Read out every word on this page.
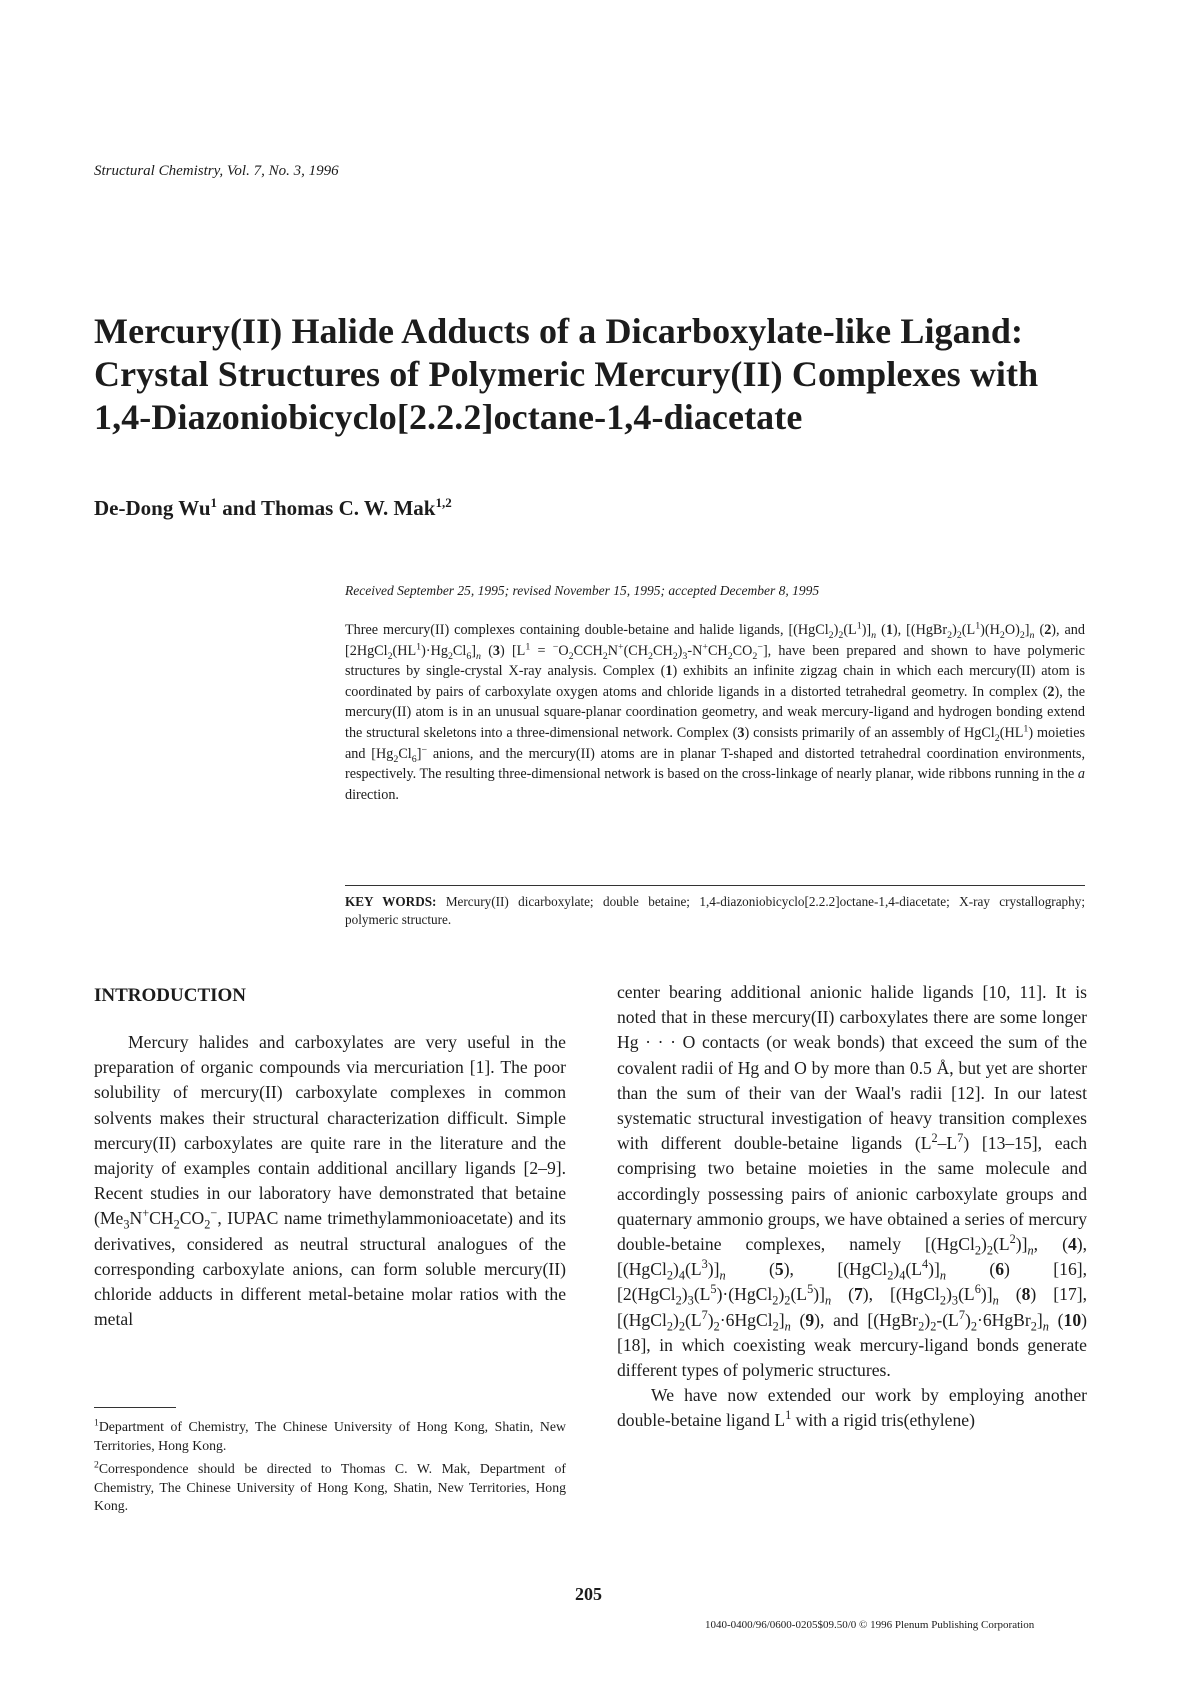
Structural Chemistry, Vol. 7, No. 3, 1996
Mercury(II) Halide Adducts of a Dicarboxylate-like Ligand:
Crystal Structures of Polymeric Mercury(II) Complexes with
1,4-Diazoniobicyclo[2.2.2]octane-1,4-diacetate
De-Dong Wu$^1$ and Thomas C. W. Mak$^{1,2}$
Received September 25, 1995; revised November 15, 1995; accepted December 8, 1995
Three mercury(II) complexes containing double-betaine and halide ligands, $[(HgCl_2)_2(L^1)]_n$ (1), $[(HgBr_2)_2(L^1)(H_2O)_2]_n$ (2), and $[2HgCl_2(HL^1)\cdot Hg_2Cl_6]_n$ (3) $[L^1 = ^-O_2CCH_2N^+(CH_2CH_2)_3-N^+CH_2CO_2^-]$, have been prepared and shown to have polymeric structures by single-crystal X-ray analysis. Complex (1) exhibits an infinite zigzag chain in which each mercury(II) atom is coordinated by pairs of carboxylate oxygen atoms and chloride ligands in a distorted tetrahedral geometry. In complex (2), the mercury(II) atom is in an unusual square-planar coordination geometry, and weak mercury-ligand and hydrogen bonding extend the structural skeletons into a three-dimensional network. Complex (3) consists primarily of an assembly of $HgCl_2(HL^1)$ moieties and $[Hg_2Cl_6]^-$ anions, and the mercury(II) atoms are in planar T-shaped and distorted tetrahedral coordination environments, respectively. The resulting three-dimensional network is based on the cross-linkage of nearly planar, wide ribbons running in the a direction.
KEY WORDS: Mercury(II) dicarboxylate; double betaine; 1,4-diazoniobicyclo[2.2.2]octane-1,4-diacetate; X-ray crystallography; polymeric structure.
INTRODUCTION

Mercury halides and carboxylates are very useful in the preparation of organic compounds via mercuriation [1]. The poor solubility of mercury(II) carboxylate complexes in common solvents makes their structural characterization difficult. Simple mercury(II) carboxylates are quite rare in the literature and the majority of examples contain additional ancillary ligands [2–9]. Recent studies in our laboratory have demonstrated that betaine ($Me_3N^+CH_2CO_2^-$, IUPAC name trimethylammonioacetate) and its derivatives, considered as neutral structural analogues of the corresponding carboxylate anions, can form soluble mercury(II) chloride adducts in different metal-betaine molar ratios with the metal

center bearing additional anionic halide ligands [10, 11]. It is noted that in these mercury(II) carboxylates there are some longer Hg · · · O contacts (or weak bonds) that exceed the sum of the covalent radii of Hg and O by more than 0.5 Å, but yet are shorter than the sum of their van der Waal's radii [12]. In our latest systematic structural investigation of heavy transition complexes with different double-betaine ligands $(L^2-L^7)$ [13–15], each comprising two betaine moieties in the same molecule and accordingly possessing pairs of anionic carboxylate groups and quaternary ammonio groups, we have obtained a series of mercury double-betaine complexes, namely $[(HgCl_2)_2(L^2)]_n$, (4), $[(HgCl_2)_4(L^3)]_n$ (5), $[(HgCl_2)_4(L^4)]_n$ (6) [16], $[2(HgCl_2)_3(L^5)\cdot(HgCl_2)_2(L^5)]_n$ (7), $[(HgCl_2)_3(L^6)]_n$ (8) [17], $[(HgCl_2)_2(L^7)_2\cdot 6HgCl_2]_n$ (9), and $[(HgBr_2)_2-(L^7)_2\cdot 6HgBr_2]_n$ (10) [18], in which coexisting weak mercury-ligand bonds generate different types of polymeric structures.

We have now extended our work by employing another double-betaine ligand $L^1$ with a rigid tris(ethylene)

$^1$Department of Chemistry, The Chinese University of Hong Kong, Shatin, New Territories, Hong Kong.
$^2$Correspondence should be directed to Thomas C. W. Mak, Department of Chemistry, The Chinese University of Hong Kong, Shatin, New Territories, Hong Kong.
205
1040-0400/96/0600-0205$09.50/0 © 1996 Plenum Publishing Corporation
